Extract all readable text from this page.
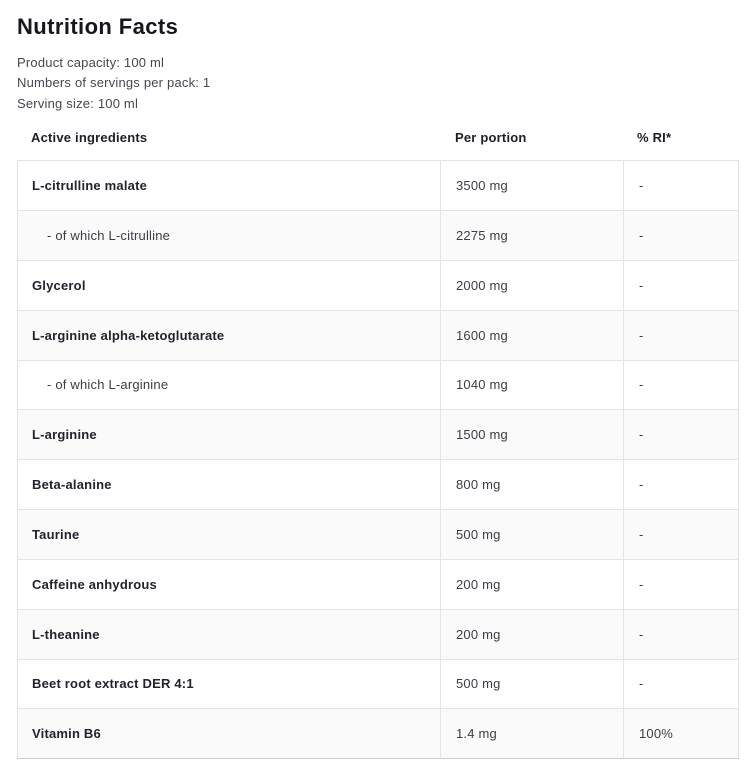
Nutrition Facts
Product capacity: 100 ml
Numbers of servings per pack: 1
Serving size: 100 ml
Active ingredients	Per portion	% RI*
L-citrulline malate	3500 mg	-
- of which L-citrulline	2275 mg	-
Glycerol	2000 mg	-
L-arginine alpha-ketoglutarate	1600 mg	-
- of which L-arginine	1040 mg	-
L-arginine	1500 mg	-
Beta-alanine	800 mg	-
Taurine	500 mg	-
Caffeine anhydrous	200 mg	-
L-theanine	200 mg	-
Beet root extract DER 4:1	500 mg	-
Vitamin B6	1.4 mg	100%
